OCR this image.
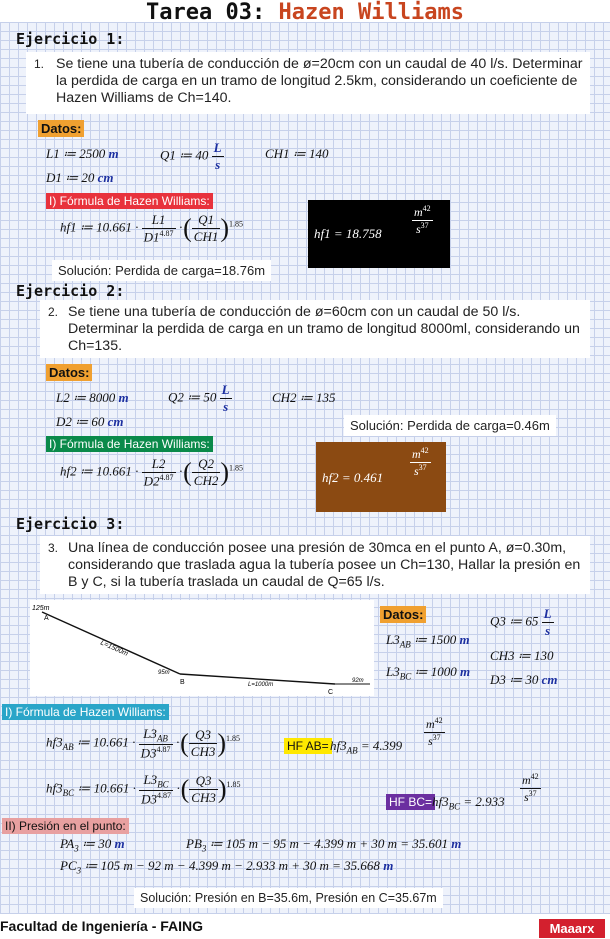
Tarea 03: Hazen Williams
Ejercicio 1:
1. Se tiene una tubería de conducción de ø=20cm con un caudal de 40 l/s. Determinar la perdida de carga en un tramo de longitud 2.5km, considerando un coeficiente de Hazen Williams de Ch=140.
Datos:
L1 ≔ 2500 m	Q1 ≔ $40 \frac{L}{s}$	CH1 ≔ 140
D1 ≔ 20 cm
I) Fórmula de Hazen Williams:
hf1 ≔ $10.661 \cdot \frac{L1}{D1^{4.87}}$ ·( $\frac{Q1}{CH1} )^{1.85}$
hf1 = 18.758	$\frac{m^{42}}{s^{37}}$
Solución: Perdida de carga=18.76m
Ejercicio 2:
2. Se tiene una tubería de conducción de ø=60cm con un caudal de 50 l/s. Determinar la perdida de carga en un tramo de longitud 8000ml, considerando un Ch=135.
Datos:
L2 ≔ 8000 m	Q2 ≔ $50 \frac{L}{s}$	CH2 ≔ 135
D2 ≔ 60 cm	Solución: Perdida de carga=0.46m
I) Fórmula de Hazen Williams:
hf2 ≔ $10.661 \cdot \frac{L2}{D2^{4.87}}$ ·( $\frac{Q2}{CH2} )^{1.85}$
$hf2 = 0.461 \frac{m^{42}}{s^{37}}$
Ejercicio 3:
3. Una línea de conducción posee una presión de 30mca en el punto A, ø=0.30m, considerando que traslada agua la tubería posee un Ch=130, Hallar la presión en B y C, si la tubería traslada un caudal de Q=65 l/s.
125m
A
L=1500m
95m
B	L=1000m
C
92m
Datos:
$L3_{AB}$ ≔ 1500 m
$L3_{BC}$ ≔ 1000 m
Q3 ≔ $65 \frac{L}{s}$
CH3 ≔ 130
D3 ≔ 30 cm
I) Fórmula de Hazen Williams:
$hf3_{AB}$ ≔ $10.661 \cdot \frac{L3_{AB}}{D3^{4.87}}$ ·( $\frac{Q3}{CH3} )^{1.85}$
$hf3_{BC}$ ≔ $10.661 \cdot \frac{L3_{BC}}{D3^{4.87}}$ ·( $\frac{Q3}{CH3} )^{1.85}$
HF $AB= hf3_{AB} = 4.399 \frac{m^{42}}{s^{37}}$
HF $BC= hf3_{BC} = 2.933 \frac{m^{42}}{s^{37}}$
II) Presión en el punto:
$PA_3$ ≔ 30 m	$PB_3$ ≔ 105 m − 95 m − 4.399 m + 30 m = 35.601 m
$PC_3$ ≔ 105 m − 92 m − 4.399 m − 2.933 m + 30 m = 35.668 m
Solución: Presión en B=35.6m, Presión en C=35.67m
Facultad de Ingeniería - FAING	Maaarx
